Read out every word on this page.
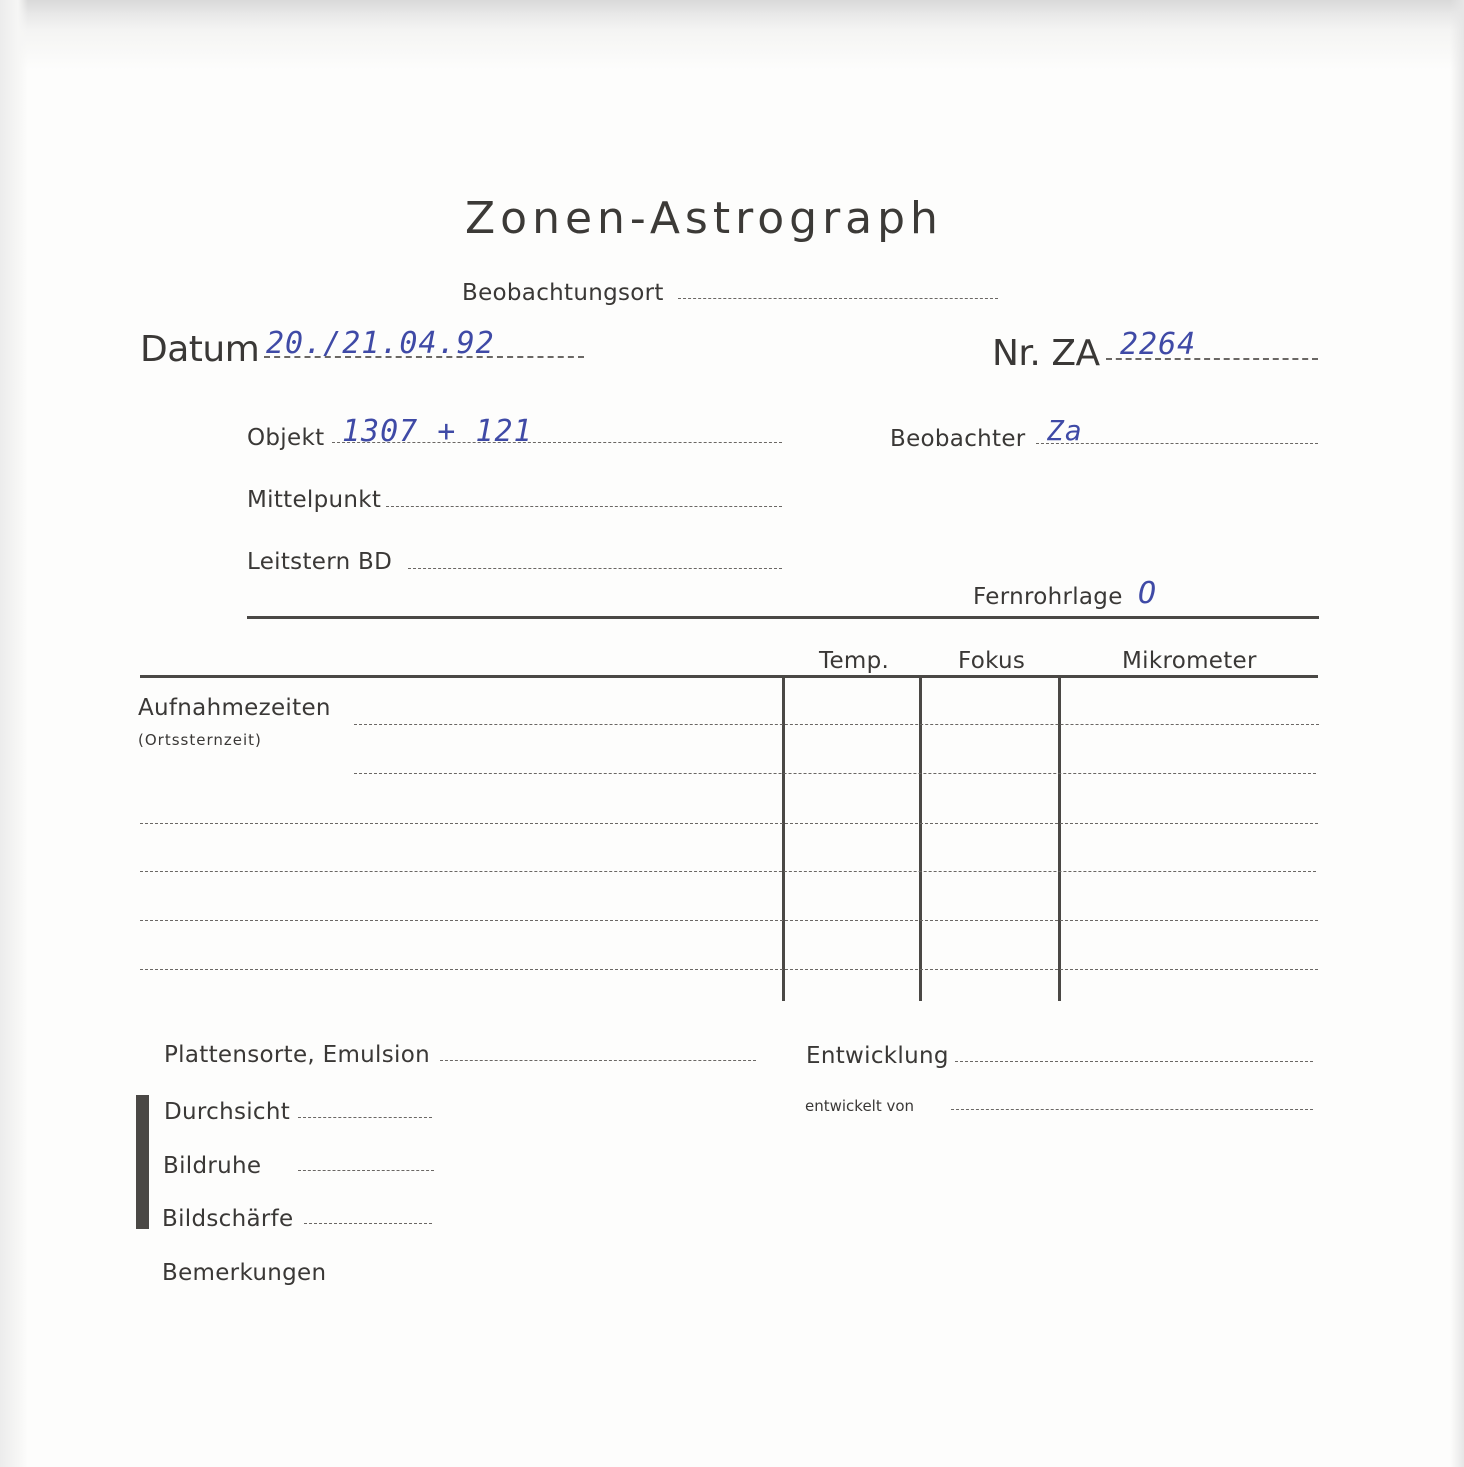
Zonen-Astrograph
Beobachtungsort
Datum 20./21.04.92	Nr. ZA 2264
Objekt 1307 + 121	Beobachter Za
Mittelpunkt
Leitstern BD
Fernrohrlage O
Temp.	Fokus	Mikrometer
Aufnahmezeiten
(Ortssternzeit)
Plattensorte, Emulsion	Entwicklung
entwickelt von
Durchsicht
Bildruhe
Bildschärfe
Bemerkungen
